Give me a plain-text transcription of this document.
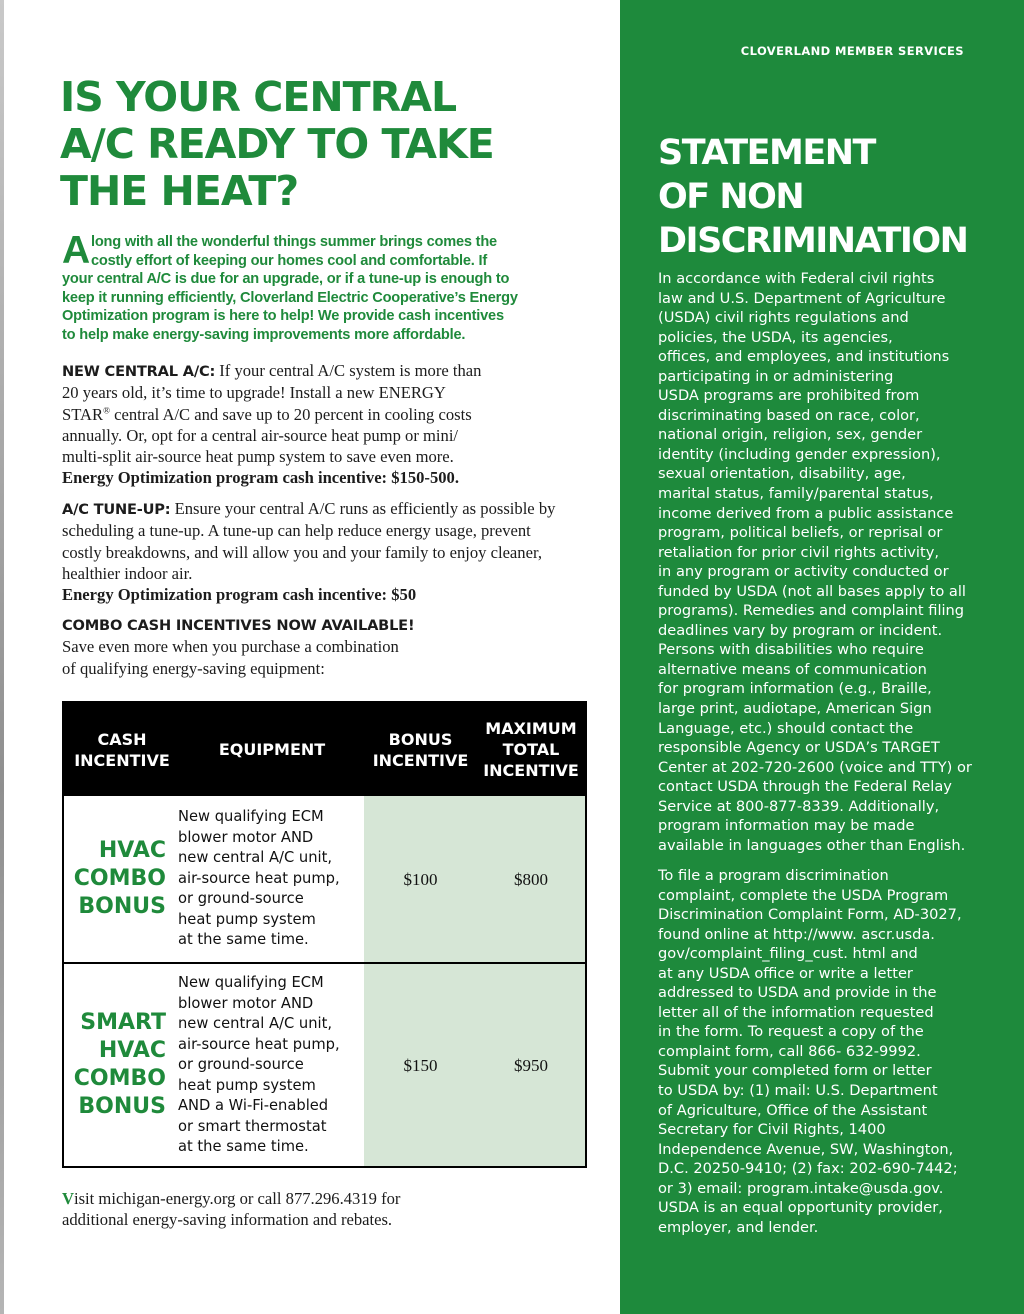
IS YOUR CENTRAL
A/C READY TO TAKE
THE HEAT?
A long with all the wonderful things summer brings comes the
costly effort of keeping our homes cool and comfortable. If
your central A/C is due for an upgrade, or if a tune-up is enough to
keep it running efficiently, Cloverland Electric Cooperative’s Energy
Optimization program is here to help! We provide cash incentives
to help make energy-saving improvements more affordable.
NEW CENTRAL A/C: If your central A/C system is more than
20 years old, it’s time to upgrade! Install a new ENERGY
STAR® central A/C and save up to 20 percent in cooling costs
annually. Or, opt for a central air-source heat pump or mini/
multi-split air-source heat pump system to save even more.
Energy Optimization program cash incentive: $150-500.
A/C TUNE-UP: Ensure your central A/C runs as efficiently as possible by
scheduling a tune-up. A tune-up can help reduce energy usage, prevent
costly breakdowns, and will allow you and your family to enjoy cleaner,
healthier indoor air.
Energy Optimization program cash incentive: $50
COMBO CASH INCENTIVES NOW AVAILABLE!
Save even more when you purchase a combination
of qualifying energy-saving equipment:
CASH
INCENTIVE
EQUIPMENT
BONUS
INCENTIVE
MAXIMUM
TOTAL
INCENTIVE
HVAC
COMBO
BONUS
New qualifying ECM
blower motor AND
new central A/C unit,
air-source heat pump,
or ground-source
heat pump system
at the same time.
$100	$800
SMART
HVAC
COMBO
BONUS
New qualifying ECM
blower motor AND
new central A/C unit,
air-source heat pump,
or ground-source
heat pump system
AND a Wi-Fi-enabled
or smart thermostat
at the same time.
$150	$950
Visit michigan-energy.org or call 877.296.4319 for
additional energy-saving information and rebates.

CLOVERLAND MEMBER SERVICES

STATEMENT
OF NON
DISCRIMINATION
In accordance with Federal civil rights
law and U.S. Department of Agriculture
(USDA) civil rights regulations and
policies, the USDA, its agencies,
offices, and employees, and institutions
participating in or administering
USDA programs are prohibited from
discriminating based on race, color,
national origin, religion, sex, gender
identity (including gender expression),
sexual orientation, disability, age,
marital status, family/parental status,
income derived from a public assistance
program, political beliefs, or reprisal or
retaliation for prior civil rights activity,
in any program or activity conducted or
funded by USDA (not all bases apply to all
programs). Remedies and complaint filing
deadlines vary by program or incident.
Persons with disabilities who require
alternative means of communication
for program information (e.g., Braille,
large print, audiotape, American Sign
Language, etc.) should contact the
responsible Agency or USDA’s TARGET
Center at 202-720-2600 (voice and TTY) or
contact USDA through the Federal Relay
Service at 800-877-8339. Additionally,
program information may be made
available in languages other than English.
To file a program discrimination
complaint, complete the USDA Program
Discrimination Complaint Form, AD-3027,
found online at http://www. ascr.usda.
gov/complaint_filing_cust. html and
at any USDA office or write a letter
addressed to USDA and provide in the
letter all of the information requested
in the form. To request a copy of the
complaint form, call 866- 632-9992.
Submit your completed form or letter
to USDA by: (1) mail: U.S. Department
of Agriculture, Office of the Assistant
Secretary for Civil Rights, 1400
Independence Avenue, SW, Washington,
D.C. 20250-9410; (2) fax: 202-690-7442;
or 3) email: program.intake@usda.gov.
USDA is an equal opportunity provider,
employer, and lender.
